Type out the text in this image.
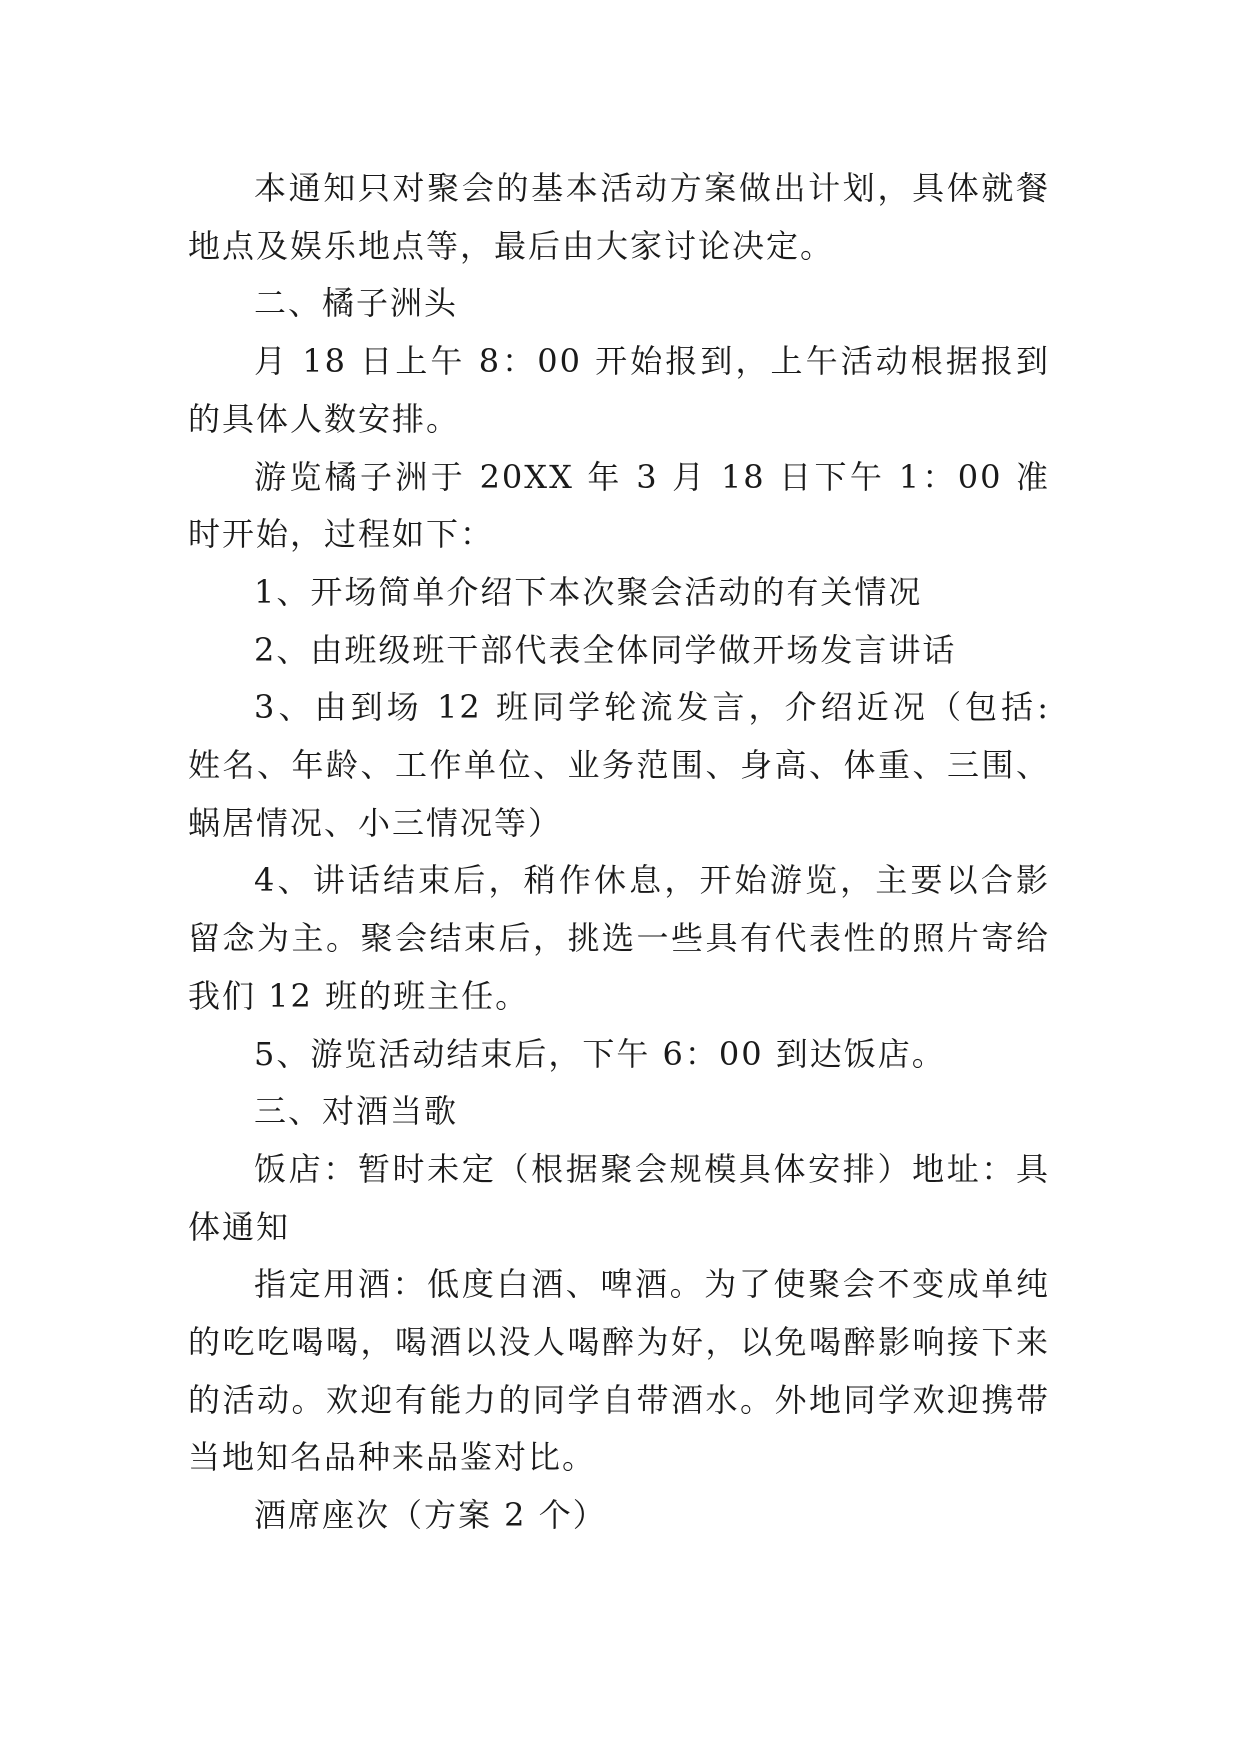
本通知只对聚会的基本活动方案做出计划，具体就餐地点及娱乐地点等，最后由大家讨论决定。

二、橘子洲头

月 18 日上午 8：00 开始报到，上午活动根据报到的具体人数安排。

游览橘子洲于 20XX 年 3 月 18 日下午 1：00 准时开始，过程如下：

1、开场简单介绍下本次聚会活动的有关情况

2、由班级班干部代表全体同学做开场发言讲话

3、由到场 12 班同学轮流发言，介绍近况（包括: 姓名、年龄、工作单位、业务范围、身高、体重、三围、蜗居情况、小三情况等）

4、讲话结束后，稍作休息，开始游览，主要以合影留念为主。聚会结束后，挑选一些具有代表性的照片寄给我们 12 班的班主任。

5、游览活动结束后，下午 6：00 到达饭店。

三、对酒当歌

饭店：暂时未定（根据聚会规模具体安排）地址：具体通知

指定用酒：低度白酒、啤酒。为了使聚会不变成单纯的吃吃喝喝，喝酒以没人喝醉为好，以免喝醉影响接下来的活动。欢迎有能力的同学自带酒水。外地同学欢迎携带当地知名品种来品鉴对比。

酒席座次（方案 2 个）
